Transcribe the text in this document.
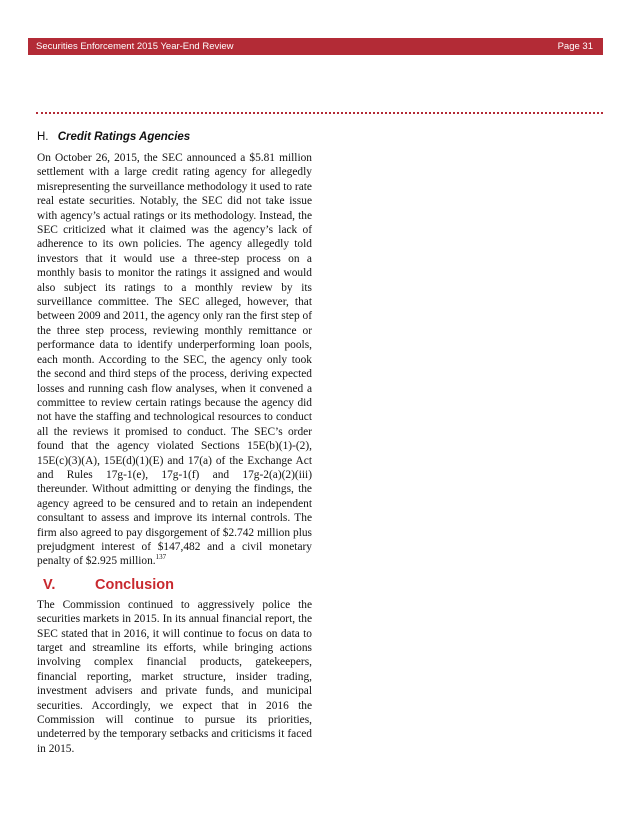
Securities Enforcement 2015 Year-End Review	Page 31
H. Credit Ratings Agencies

On October 26, 2015, the SEC announced a $5.81 million settlement with a large credit rating agency for allegedly misrepresenting the surveillance methodology it used to rate real estate securities. Notably, the SEC did not take issue with agency’s actual ratings or its methodology. Instead, the SEC criticized what it claimed was the agency’s lack of adherence to its own policies. The agency allegedly told investors that it would use a three-step process on a monthly basis to monitor the ratings it assigned and would also subject its ratings to a monthly review by its surveillance committee. The SEC alleged, however, that between 2009 and 2011, the agency only ran the first step of the three step process, reviewing monthly remittance or performance data to identify underperforming loan pools, each month. According to the SEC, the agency only took the second and third steps of the process, deriving expected losses and running cash flow analyses, when it convened a committee to review certain ratings because the agency did not have the staffing and technological resources to conduct all the reviews it promised to conduct. The SEC’s order found that the agency violated Sections 15E(b)(1)-(2), 15E(c)(3)(A), 15E(d)(1)(E) and 17(a) of the Exchange Act and Rules 17g-1(e), 17g-1(f) and 17g-2(a)(2)(iii) thereunder. Without admitting or denying the findings, the agency agreed to be censured and to retain an independent consultant to assess and improve its internal controls. The firm also agreed to pay disgorgement of $2.742 million plus prejudgment interest of $147,482 and a civil monetary penalty of $2.925 million.$^{137}$

V.	Conclusion

The Commission continued to aggressively police the securities markets in 2015. In its annual financial report, the SEC stated that in 2016, it will continue to focus on data to target and streamline its efforts, while bringing actions involving complex financial products, gatekeepers, financial reporting, market structure, insider trading, investment advisers and private funds, and municipal securities. Accordingly, we expect that in 2016 the Commission will continue to pursue its priorities, undeterred by the temporary setbacks and criticisms it faced in 2015.
